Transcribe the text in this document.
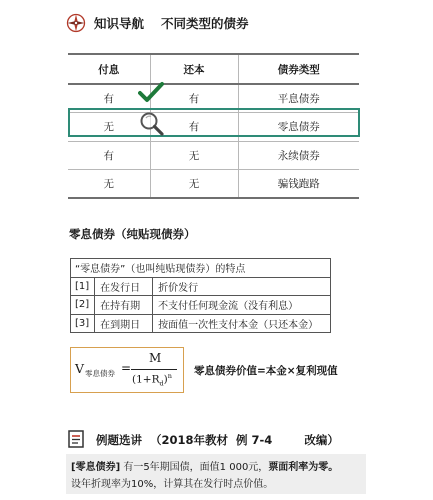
知识导航 不同类型的债券
付息	还本	债券类型
有	有	平息债券
无	有	零息债券
有	无	永续债券
无	无	骗钱跑路
零息债券（纯贴现债券）
“零息债券”（也叫纯贴现债券）的特点		
[1]	在发行日	折价发行
[2]	在持有期	不支付任何现金流（没有利息）
[3]	在到期日	按面值一次性支付本金（只还本金）
V 零息债券 =
M
$(1+R_d)^n$ 零息债券价值=本金×复利现值
例题选讲  （2018年教材  例 7-4        改编）
[零息债券] 有一5年期国债，面值1 000元，票面利率为零。
设年折现率为10%，计算其在发行时点价值。
